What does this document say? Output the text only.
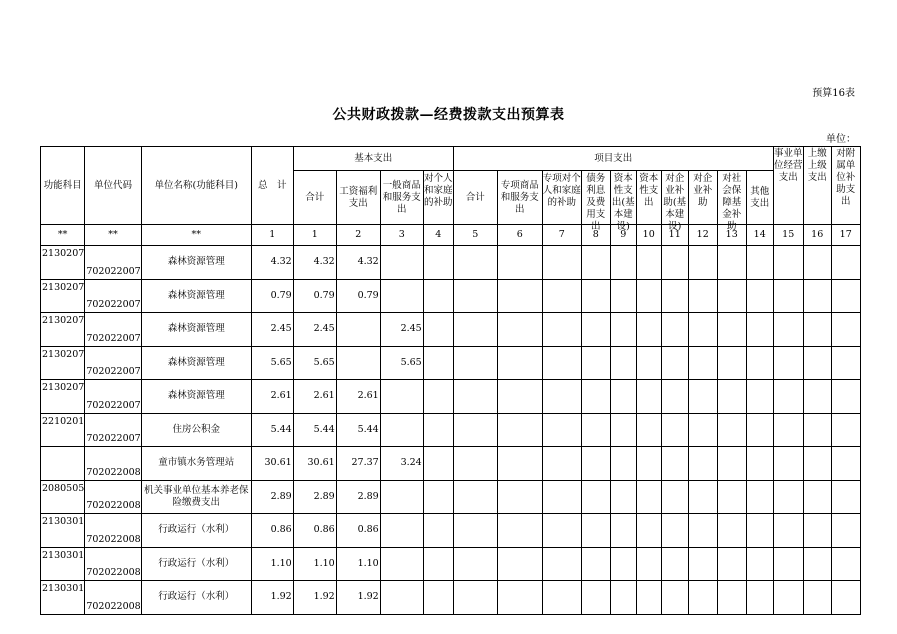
预算16表
公共财政拨款—经费拨款支出预算表
单位：
功能科目	单位代码	单位名称(功能科目)	总　计	基本支出				项目支出										事业单位经营支出	上缴上级支出	对附属单位补助支出

				合计	工资福利支出	一般商品和服务支出	对个人和家庭的补助	合计	专项商品和服务支出	专项对个人和家庭的补助	债务利息及费用支出	资本性支出(基本建设)	资本性支出	对企业补助(基本建设)	对企业补助	对社会保障基金补助	其他支出			
**	**	**	1	1	2	3	4	5	6	7	8	9	10	11	12	13	14	15	16	17
2130207	702022007	森林资源管理	4.32	4.32	4.32															
2130207	702022007	森林资源管理	0.79	0.79	0.79															
2130207	702022007	森林资源管理	2.45	2.45		2.45														
2130207	702022007	森林资源管理	5.65	5.65		5.65														
2130207	702022007	森林资源管理	2.61	2.61	2.61															
2210201	702022007	住房公积金	5.44	5.44	5.44															
	702022008	童市镇水务管理站	30.61	30.61	27.37	3.24														
2080505	702022008	机关事业单位基本养老保险缴费支出	2.89	2.89	2.89															
2130301	702022008	行政运行（水利）	0.86	0.86	0.86															
2130301	702022008	行政运行（水利）	1.10	1.10	1.10															
2130301	702022008	行政运行（水利）	1.92	1.92	1.92															
